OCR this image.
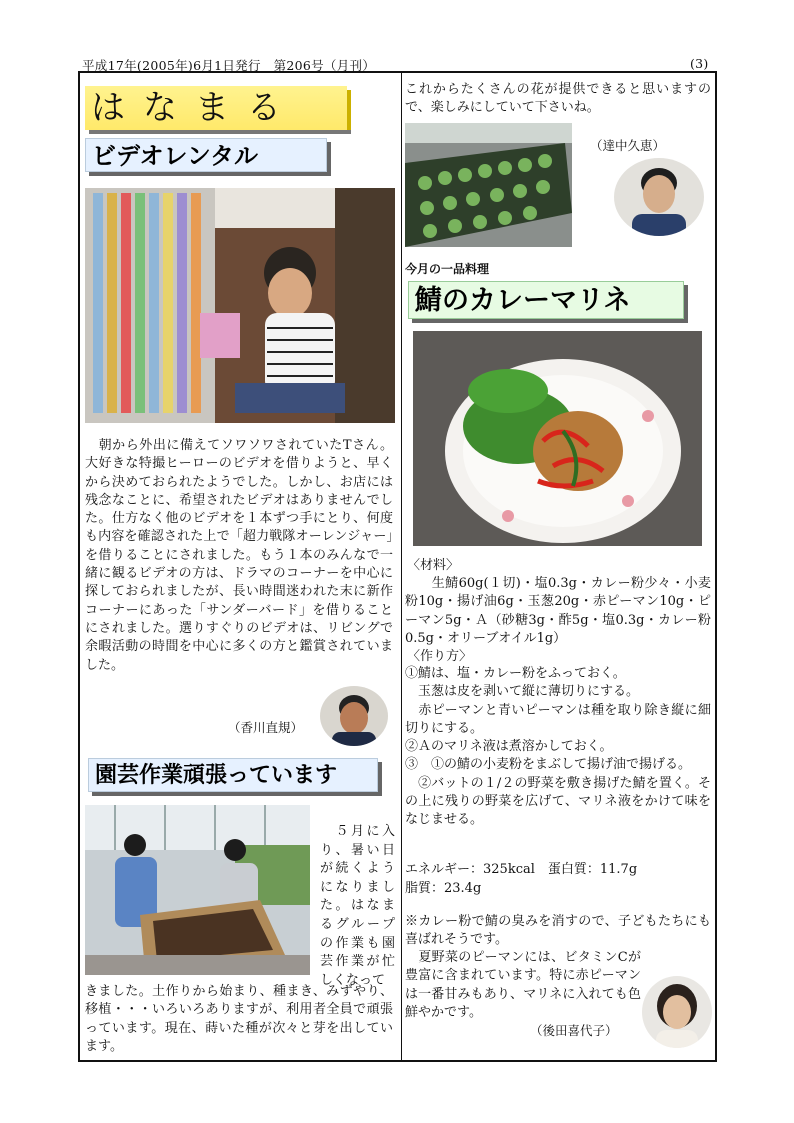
平成17年(2005年)6月1日発行　第206号（月刊）	(3)
はなまる
ビデオレンタル
　朝から外出に備えてソワソワされていたTさん。大好きな特撮ヒーローのビデオを借りようと、早くから決めておられたようでした。しかし、お店には残念なことに、希望されたビデオはありませんでした。仕方なく他のビデオを１本ずつ手にとり、何度も内容を確認された上で「超力戦隊オーレンジャー」を借りることにされました。もう１本のみんなで一緒に観るビデオの方は、ドラマのコーナーを中心に探しておられましたが、長い時間迷われた末に新作コーナーにあった「サンダーバード」を借りることにされました。選りすぐりのビデオは、リビングで余暇活動の時間を中心に多くの方と鑑賞されていました。
（香川直規）
園芸作業頑張っています
　５月に入り、暑い日が続くようになりました。はなまるグループの作業も園芸作業が忙しくなって
きました。土作りから始まり、種まき、みずやり、移植・・・いろいろありますが、利用者全員で頑張っています。現在、蒔いた種が次々と芽を出しています。
これからたくさんの花が提供できると思いますので、楽しみにしていて下さいね。
（達中久恵）
今月の一品料理
鯖のカレーマリネ
〈材料〉
　　生鯖60g(１切)・塩0.3g・カレー粉少々・小麦粉10g・揚げ油6g・玉葱20g・赤ピーマン10g・ピーマン5g・Ａ（砂糖3g・酢5g・塩0.3g・カレー粉0.5g・オリーブオイル1g）
〈作り方〉
①鯖は、塩・カレー粉をふっておく。
　玉葱は皮を剥いて縦に薄切りにする。
　赤ピーマンと青いピーマンは種を取り除き縦に細切りにする。
②Ａのマリネ液は煮溶かしておく。
③　①の鯖の小麦粉をまぶして揚げ油で揚げる。
　②バットの１/２の野菜を敷き揚げた鯖を置く。その上に残りの野菜を広げて、マリネ液をかけて味をなじませる。
エネルギー：325kcal　蛋白質：11.7g
脂質：23.4g
※カレー粉で鯖の臭みを消すので、子どもたちにも喜ばれそうです。
　夏野菜のピーマンには、ビタミンCが豊富に含まれています。特に赤ピーマンは一番甘みもあり、マリネに入れても色鮮やかです。
（後田喜代子）
